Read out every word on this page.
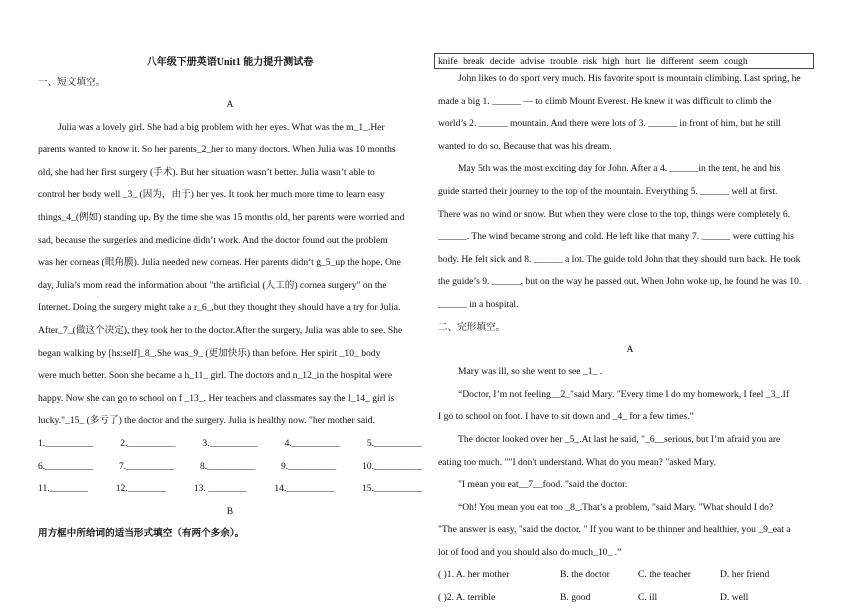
八年级下册英语Unit1 能力提升测试卷
一、短文填空。
A
Julia was a lovely girl. She had a big problem with her eyes. What was the m_1_.Her
parents wanted to know it. So her parents_2_her to many doctors. When Julia was 10 months
old, she had her first surgery (手术). But her situation wasn’t better. Julia wasn’t able to
control her body well _3_ (因为，由于) her yes. It took her much more time to learn easy
things_4_(例如) standing up. By the time she was 15 months old, her parents were worried and
sad, because the surgeries and medicine didn’t work. And the doctor found out the problem
was her corneas (眼角膜). Julia needed new corneas. Her parents didn’t g_5_up the hope. One
day, Julia’s mom read the information about "the artificial (人工的) cornea surgery" on the
Internet. Doing the surgery might take a r_6_,but they thought they should have a try for Julia.
After_7_(做这个决定), they took her to the doctor.After the surgery, Julia was able to see. She
began walking by [hs:self]_8_.She was_9_ (更加快乐) than before. Her spirit _10_ body
were much better. Soon she became a h_11_ girl. The doctors and n_12_in the hospital were
happy. Now she can go to school on f _13_. Her teachers and classmates say the l_14_ girl is
lucky."_15_ (多亏了) the doctor and the surgery. Julia is healthy now. "her mother said.
1.__________	2.__________	3.__________	4.__________	5.__________
6.__________	7.__________	8.__________	9.__________	10.__________
11.________	12.________	13. ________	14.__________	15.__________
B
用方框中所给词的适当形式填空（有两个多余）。
knife break decide advise trouble risk high hurt lie different seem cough
John likes to do sport very much. His favorite sport is mountain climbing. Last spring, he
made a big 1. ______ — to climb Mount Everest. He knew it was difficult to climb the
world’s 2. ______ mountain. And there were lots of 3. ______ in front of him, but he still
wanted to do so. Because that was his dream.
May 5th was the most exciting day for John. After a 4. ______in the tent, he and his
guide started their journey to the top of the mountain. Everything 5. ______ well at first.
There was no wind or snow. But when they were close to the top, things were completely 6.
______. The wind became strong and cold. He left like that many 7. ______ were cutting his
body. He felt sick and 8. ______ a lot. The guide told John that they should turn back. He took
the guide’s 9. ______, but on the way he passed out. When John woke up, he found he was 10.
______ in a hospital.
二、完形填空。
A
Mary was ill, so she went to see _1_ .
“Doctor, I’m not feeling__2_"said Mary. "Every time I do my homework, I feel _3_.If
I go to school on foot. I have to sit down and _4_ for a few times.”
The doctor looked over her _5_.At last he said, "_6__serious, but I’m afraid you are
eating too much. ""I don't understand. What do you mean? "asked Mary.
"I mean you eat__7__food. "said the doctor.
“Oh! You mean you eat too _8_.That’s a problem, "said Mary. "What should I do?
"The answer is easy, "said the doctor. " If you want to be thinner and healthier, you _9_eat a
lot of food and you should also do much_10_ .”
( )1. A. her mother	B. the doctor	C. the teacher	D. her friend
( )2. A. terrible	B. good	C. ill	D. well
